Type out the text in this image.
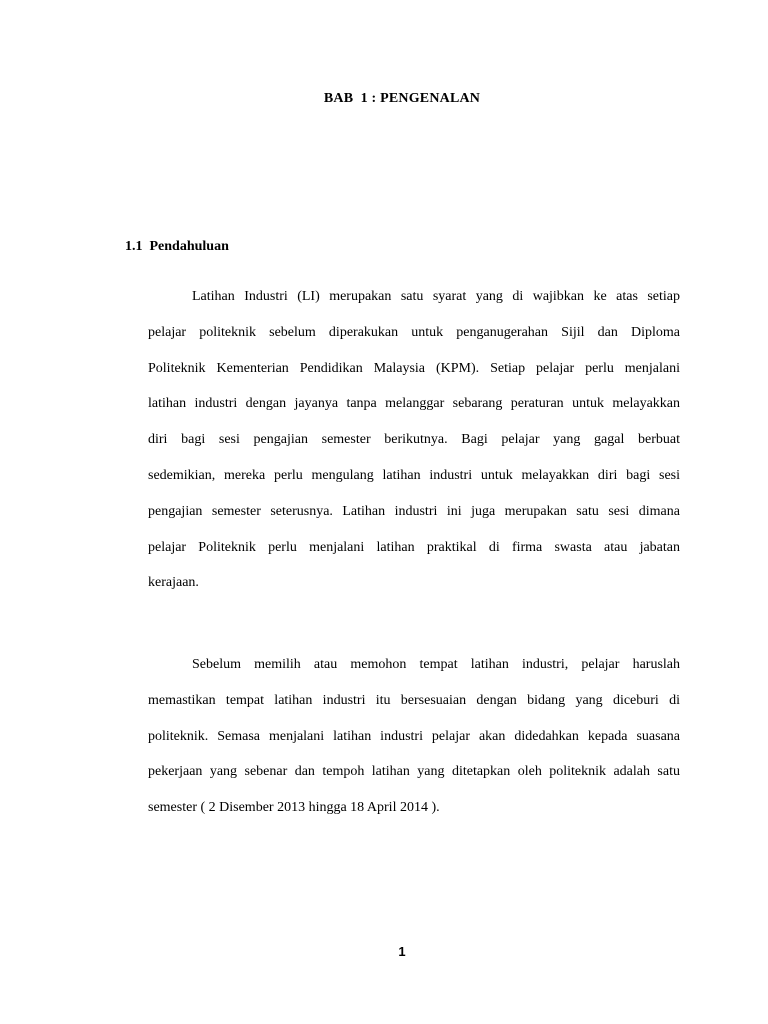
BAB  1 : PENGENALAN
1.1  Pendahuluan
Latihan Industri (LI) merupakan satu syarat yang di wajibkan ke atas setiap
pelajar politeknik sebelum diperakukan untuk penganugerahan Sijil dan Diploma
Politeknik Kementerian Pendidikan Malaysia (KPM). Setiap pelajar perlu menjalani
latihan industri dengan jayanya tanpa melanggar sebarang peraturan untuk melayakkan
diri bagi sesi pengajian semester berikutnya. Bagi pelajar yang gagal berbuat
sedemikian, mereka perlu mengulang latihan industri untuk melayakkan diri bagi sesi
pengajian semester seterusnya. Latihan industri ini juga merupakan satu sesi dimana
pelajar Politeknik perlu menjalani latihan praktikal di firma swasta atau jabatan
kerajaan.
Sebelum memilih atau memohon tempat latihan industri, pelajar haruslah
memastikan tempat latihan industri itu bersesuaian dengan bidang yang diceburi di
politeknik. Semasa menjalani latihan industri pelajar akan didedahkan kepada suasana
pekerjaan yang sebenar dan tempoh latihan yang ditetapkan oleh politeknik adalah satu
semester ( 2 Disember 2013 hingga 18 April 2014 ).
1
